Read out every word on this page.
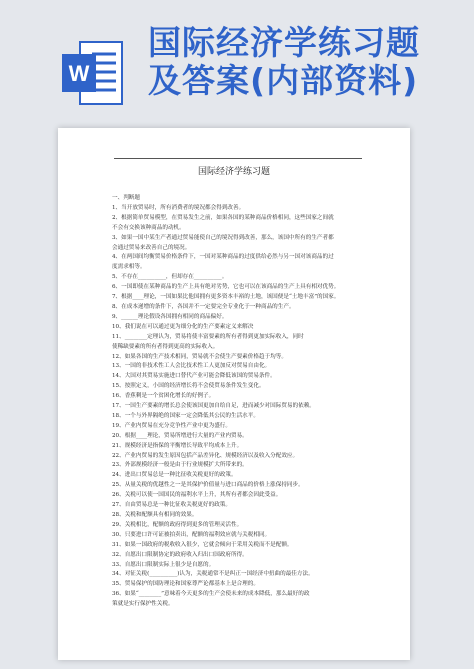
W
国际经济学练习题
及答案(内部资料)
国际经济学练习题
一、判断题
1、当开放贸易时，所有消费者的境况都会得到改善。
2、根据简单贸易模型，在贸易发生之前，如果各国的某种商品价格相同，这些国家之间就
不会有交换该种商品的动机。
3、如果一国中某生产者通过贸易能使自己的境况得到改善，那么，该国中所有的生产者都
会通过贸易来改善自己的境况。
4、在两国间均衡贸易价格条件下，一国对某种商品的过度供给必然与另一国对该商品的过
度需求相等。
5、不存在__________，但却存在__________。
6、一国即使在某种商品的生产上具有绝对劣势，它也可以在该商品的生产上具有相对优势。
7、根据____理论，一国如果比他国拥有更多资本丰裕的土地，该国便是“土地丰富”的国家。
8、在成本递增的条件下，各国并不一定要完全专业化于一种商品的生产。
9、______理论假设各国拥有相同的商品偏好。
10、我们说在可以通过更为细分化的生产要素定义来解决
11、________定理认为，贸易将使丰富要素的所有者得到更加实际收入，同时
使稀缺要素的所有者得到更高的实际收入。
12、如果各国的生产技术相同，贸易就不会使生产要素价格趋于均等。
13、一国的非技术性工人会比技术性工人更加反对贸易自由化。
14、大国对其贸易实施进口替代产业可能会降低该国的贸易条件。
15、按照定义，小国的经济增长将不会使贸易条件发生变化。
16、香蕉剩是一个贫困化增长的好例子。
17、一国生产要素的增长总会使该国更加自给自足，进而减少对国际贸易的依赖。
18、一个与外界隔绝的国家一定会降低其公民的生活水平。
19、产业内贸易在充分竞争性产业中更为盛行。
20、根据____理论，贸易所增进行大量的产业内贸易。
21、规模经济是指保的平衡增长导致平均成本上升。
22、产业内贸易的发生原因包括产品差异化、规模经济以及收入分配效应。
23、外部规模经济一般是由于行业规模扩大所带来的。
24、进出口贸易总是一种比征收关税更好的政策。
25、从量关税的优越性之一是其保护价值量与进口商品的价格上涨保持同步。
26、关税可以使一国国民的福利水平上升，其所有者都会因此受益。
27、自由贸易总是一种比征收关税更好的政策。
28、关税和配额具有相同的效果。
29、关税相比，配额的政府得到更多的管理灵活性。
30、只要进口许可证被拍卖出，配额的福利效应就与关税相同。
31、如果一国政府的税收收入很少，它就会倾向于采用关税而不是配额。
32、自愿出口限制协定的政府收入归出口国政府所得。
33、自愿出口限制实际上很少是自愿的。
34、对征关税(__________)认为，关税通常不是纠正一国经济中扭曲的最佳方法。
35、贸易保护的国防理论和国家尊严论都基本上是合理的。
36、如果“________”意味着今天更多的生产会使未来的成本降低，那么最好的政
策就是实行保护性关税。
